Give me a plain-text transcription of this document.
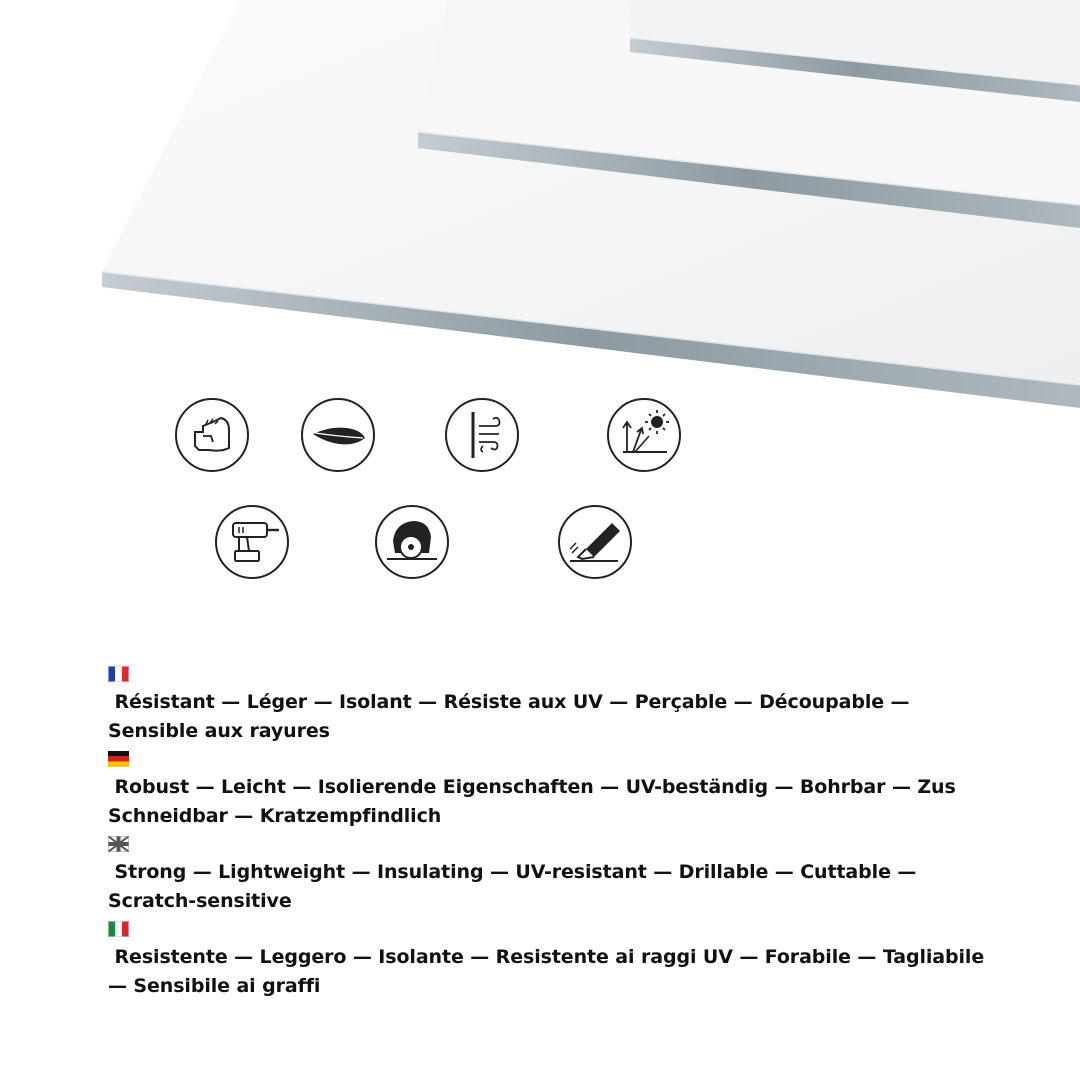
Résistant — Léger — Isolant — Résiste aux UV — Perçable — Découpable — Sensible aux rayures
Robust — Leicht — Isolierende Eigenschaften — UV-beständig — Bohrbar — Zus Schneidbar — Kratzempfindlich
Strong — Lightweight — Insulating — UV-resistant — Drillable — Cuttable — Scratch-sensitive
Resistente — Leggero — Isolante — Resistente ai raggi UV — Forabile — Tagliabile — Sensibile ai graffi
